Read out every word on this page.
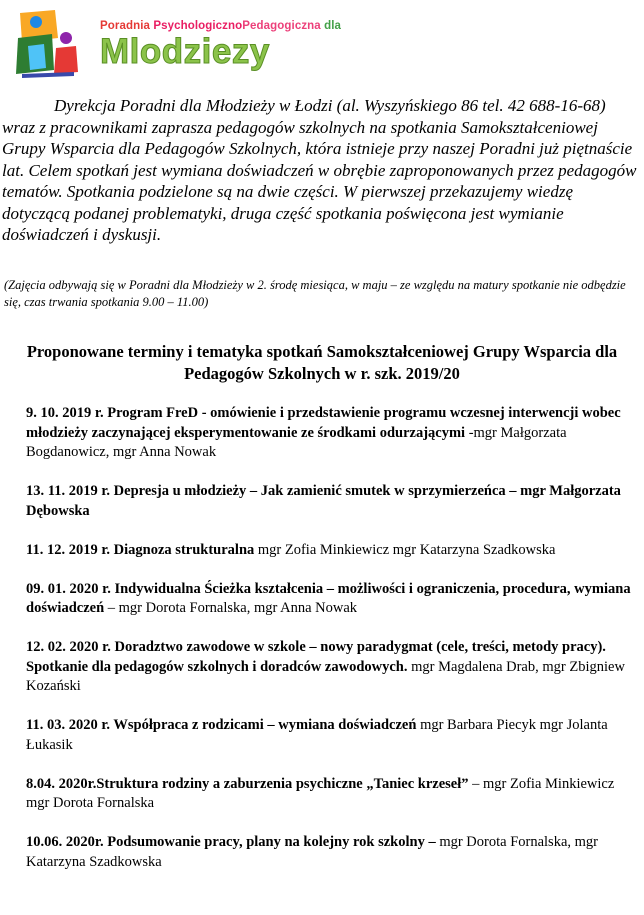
Poradnia PsychologicznoPedagogiczna dla
Mlodziezy
Dyrekcja Poradni dla Młodzieży w Łodzi (al. Wyszyńskiego 86 tel. 42 688-16-68) wraz z pracownikami zaprasza pedagogów szkolnych na spotkania Samokształceniowej Grupy Wsparcia dla Pedagogów Szkolnych, która istnieje przy naszej Poradni już piętnaście lat. Celem spotkań jest wymiana doświadczeń w obrębie zaproponowanych przez pedagogów tematów. Spotkania podzielone są na dwie części. W pierwszej przekazujemy wiedzę dotyczącą podanej problematyki, druga część spotkania poświęcona jest wymianie doświadczeń i dyskusji.
(Zajęcia odbywają się w Poradni dla Młodzieży w 2. środę miesiąca, w maju – ze względu na matury spotkanie nie odbędzie się, czas trwania spotkania 9.00 – 11.00)
Proponowane terminy i tematyka spotkań Samokształceniowej Grupy Wsparcia dla Pedagogów Szkolnych w r. szk. 2019/20

9. 10. 2019 r. Program FreD - omówienie i przedstawienie programu wczesnej interwencji wobec młodzieży zaczynającej eksperymentowanie ze środkami odurzającymi -mgr Małgorzata Bogdanowicz, mgr Anna Nowak

13. 11. 2019 r. Depresja u młodzieży – Jak zamienić smutek w sprzymierzeńca – mgr Małgorzata Dębowska

11. 12. 2019 r. Diagnoza strukturalna mgr Zofia Minkiewicz mgr Katarzyna Szadkowska

09. 01. 2020 r. Indywidualna Ścieżka kształcenia – możliwości i ograniczenia, procedura, wymiana doświadczeń – mgr Dorota Fornalska, mgr Anna Nowak

12. 02. 2020 r. Doradztwo zawodowe w szkole – nowy paradygmat (cele, treści, metody pracy). Spotkanie dla pedagogów szkolnych i doradców zawodowych. mgr Magdalena Drab, mgr Zbigniew Kozański

11. 03. 2020 r. Współpraca z rodzicami – wymiana doświadczeń mgr Barbara Piecyk mgr Jolanta Łukasik

8.04. 2020r.Struktura rodziny a zaburzenia psychiczne „Taniec krzeseł” – mgr Zofia Minkiewicz mgr Dorota Fornalska

10.06. 2020r. Podsumowanie pracy, plany na kolejny rok szkolny – mgr Dorota Fornalska, mgr Katarzyna Szadkowska
